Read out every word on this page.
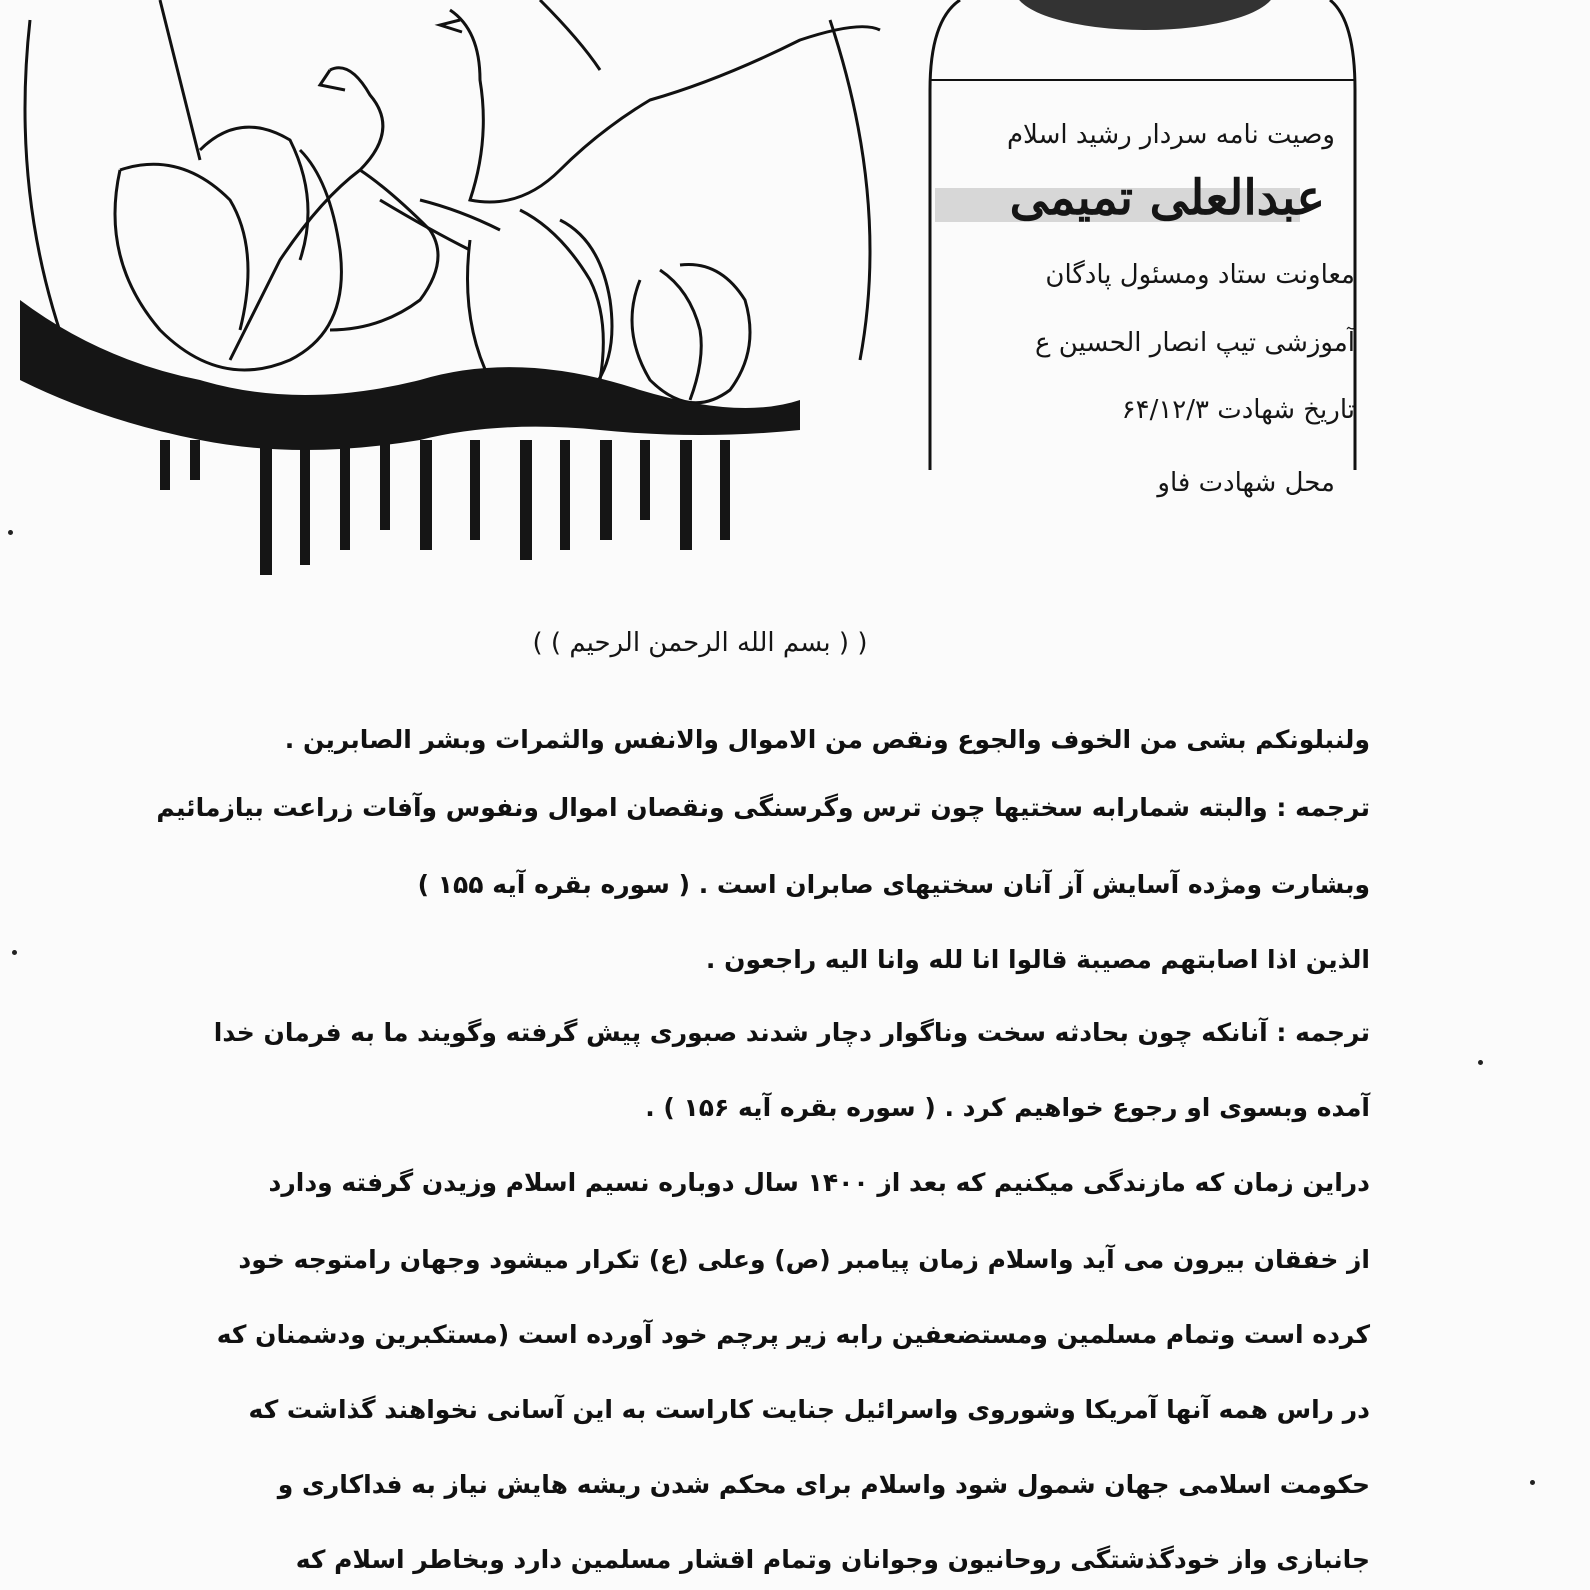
وصیت نامه سردار رشید اسلام
عبدالعلی تمیمی
معاونت ستاد ومسئول پادگان
آموزشی تیپ انصار الحسین ع
تاریخ شهادت ۶۴/۱۲/۳
محل شهادت فاو
( ( بسم الله الرحمن الرحیم ) )
ولنبلونکم بشی من الخوف والجوع ونقص من الاموال والانفس والثمرات وبشر الصابرین .
ترجمه : والبته شمارابه سختیها چون ترس وگرسنگی ونقصان اموال ونفوس وآفات زراعت بیازمائیم
وبشارت ومژده آسایش آز آنان سختیهای صابران است . ( سوره بقره آیه ۱۵۵ )
الذین اذا اصابتهم مصیبة قالوا انا لله وانا الیه راجعون .
ترجمه : آنانکه چون بحادثه سخت وناگوار دچار شدند صبوری پیش گرفته وگویند ما به فرمان خدا
آمده وبسوی او رجوع خواهیم کرد . ( سوره بقره آیه ۱۵۶ ) .
دراین زمان که مازندگی میکنیم که بعد از ۱۴۰۰ سال دوباره نسیم اسلام وزیدن گرفته ودارد
از خفقان بیرون می آید واسلام زمان پیامبر (ص) وعلی (ع) تکرار میشود وجهان رامتوجه خود
کرده است وتمام مسلمین ومستضعفین رابه زیر پرچم خود آورده است (مستکبرین ودشمنان که
در راس همه آنها آمریکا وشوروی واسرائیل جنایت کاراست به این آسانی نخواهند گذاشت که
حکومت اسلامی جهان شمول شود واسلام برای محکم شدن ریشه هایش نیاز به فداکاری و
جانبازی واز خودگذشتگی روحانیون وجوانان وتمام اقشار مسلمین دارد وبخاطر اسلام که
